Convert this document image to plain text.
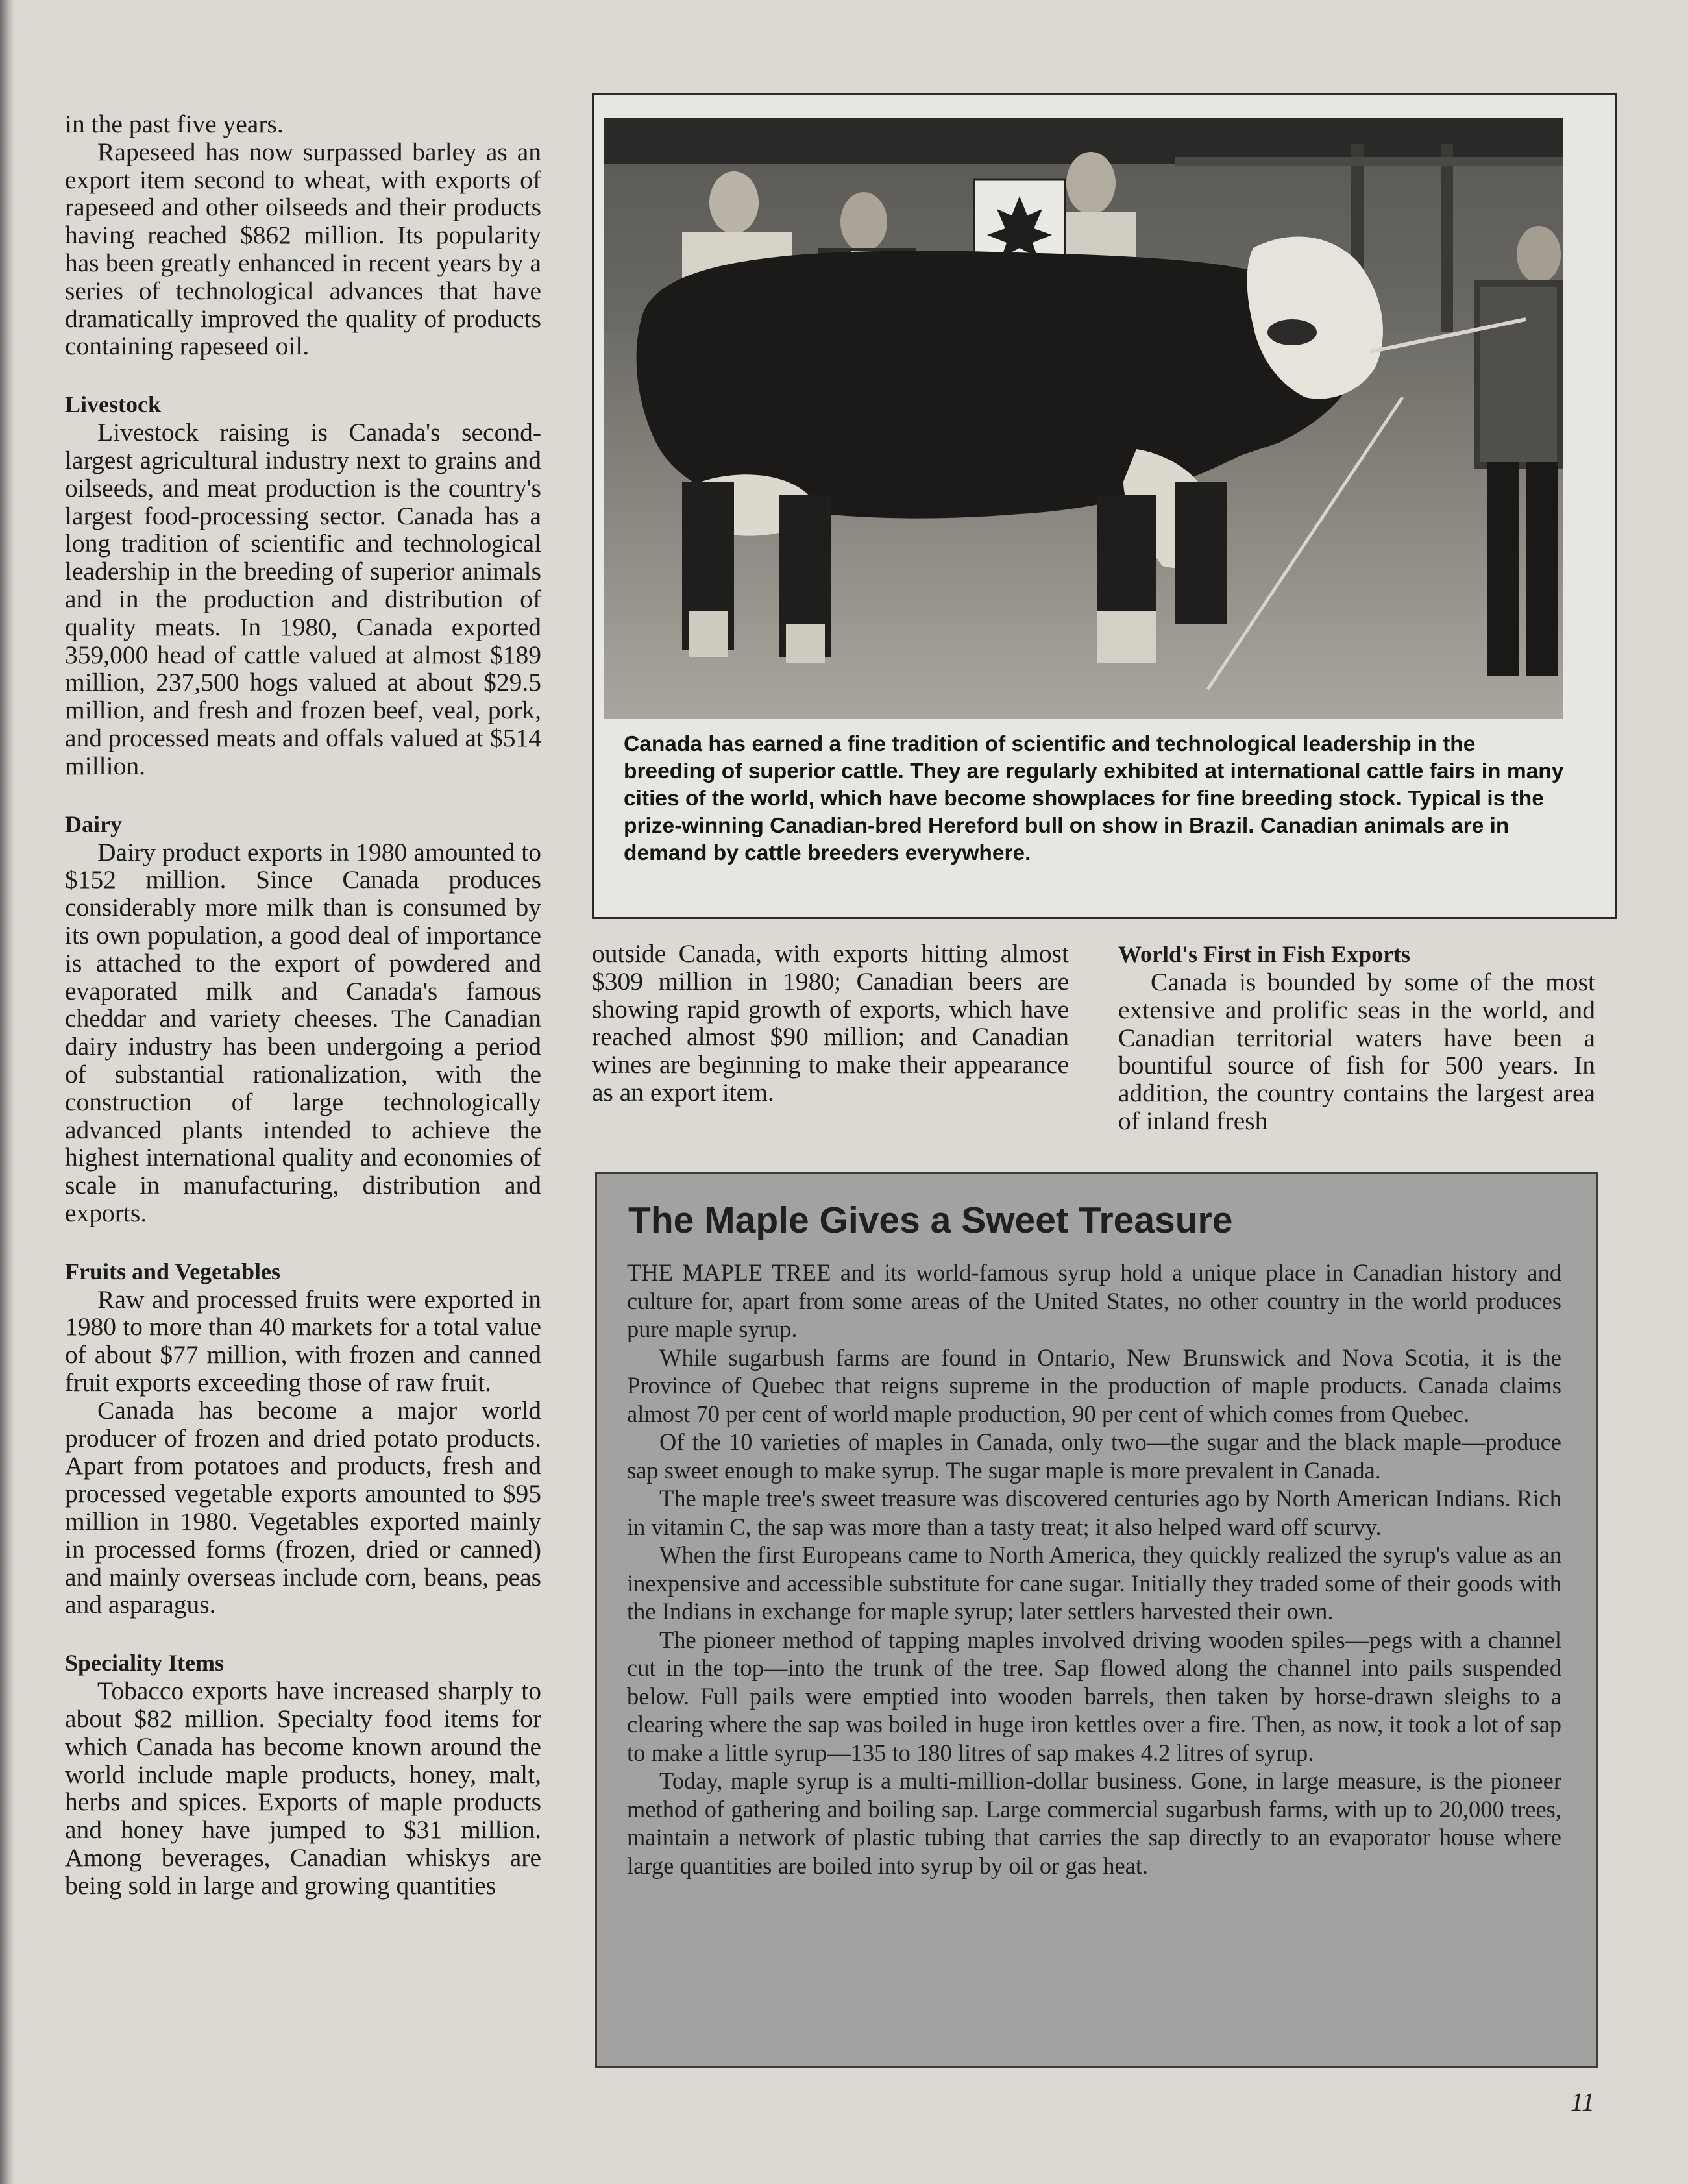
in the past five years.

Rapeseed has now surpassed barley as an export item second to wheat, with exports of rapeseed and other oilseeds and their products having reached $862 million. Its popularity has been greatly enhanced in recent years by a series of technological advances that have dramatically improved the quality of products containing rapeseed oil.

Livestock

Livestock raising is Canada's second-largest agricultural industry next to grains and oilseeds, and meat production is the country's largest food-processing sector. Canada has a long tradition of scientific and technological leadership in the breeding of superior animals and in the production and distribution of quality meats. In 1980, Canada exported 359,000 head of cattle valued at almost $189 million, 237,500 hogs valued at about $29.5 million, and fresh and frozen beef, veal, pork, and processed meats and offals valued at $514 million.

Dairy

Dairy product exports in 1980 amounted to $152 million. Since Canada produces considerably more milk than is consumed by its own population, a good deal of importance is attached to the export of powdered and evaporated milk and Canada's famous cheddar and variety cheeses. The Canadian dairy industry has been undergoing a period of substantial rationalization, with the construction of large technologically advanced plants intended to achieve the highest international quality and economies of scale in manufacturing, distribution and exports.

Fruits and Vegetables

Raw and processed fruits were exported in 1980 to more than 40 markets for a total value of about $77 million, with frozen and canned fruit exports exceeding those of raw fruit.

Canada has become a major world producer of frozen and dried potato products. Apart from potatoes and products, fresh and processed vegetable exports amounted to $95 million in 1980. Vegetables exported mainly in processed forms (frozen, dried or canned) and mainly overseas include corn, beans, peas and asparagus.

Speciality Items

Tobacco exports have increased sharply to about $82 million. Specialty food items for which Canada has become known around the world include maple products, honey, malt, herbs and spices. Exports of maple products and honey have jumped to $31 million. Among beverages, Canadian whiskys are being sold in large and growing quantities

Canada has earned a fine tradition of scientific and technological leadership in the breeding of superior cattle. They are regularly exhibited at international cattle fairs in many cities of the world, which have become showplaces for fine breeding stock. Typical is the prize-winning Canadian-bred Hereford bull on show in Brazil. Canadian animals are in demand by cattle breeders everywhere.

outside Canada, with exports hitting almost $309 million in 1980; Canadian beers are showing rapid growth of exports, which have reached almost $90 million; and Canadian wines are beginning to make their appearance as an export item.

World's First in Fish Exports

Canada is bounded by some of the most extensive and prolific seas in the world, and Canadian territorial waters have been a bountiful source of fish for 500 years. In addition, the country contains the largest area of inland fresh

The Maple Gives a Sweet Treasure

THE MAPLE TREE and its world-famous syrup hold a unique place in Canadian history and culture for, apart from some areas of the United States, no other country in the world produces pure maple syrup.

While sugarbush farms are found in Ontario, New Brunswick and Nova Scotia, it is the Province of Quebec that reigns supreme in the production of maple products. Canada claims almost 70 per cent of world maple production, 90 per cent of which comes from Quebec.

Of the 10 varieties of maples in Canada, only two—the sugar and the black maple—produce sap sweet enough to make syrup. The sugar maple is more prevalent in Canada.

The maple tree's sweet treasure was discovered centuries ago by North American Indians. Rich in vitamin C, the sap was more than a tasty treat; it also helped ward off scurvy.

When the first Europeans came to North America, they quickly realized the syrup's value as an inexpensive and accessible substitute for cane sugar. Initially they traded some of their goods with the Indians in exchange for maple syrup; later settlers harvested their own.

The pioneer method of tapping maples involved driving wooden spiles—pegs with a channel cut in the top—into the trunk of the tree. Sap flowed along the channel into pails suspended below. Full pails were emptied into wooden barrels, then taken by horse-drawn sleighs to a clearing where the sap was boiled in huge iron kettles over a fire. Then, as now, it took a lot of sap to make a little syrup—135 to 180 litres of sap makes 4.2 litres of syrup.

Today, maple syrup is a multi-million-dollar business. Gone, in large measure, is the pioneer method of gathering and boiling sap. Large commercial sugarbush farms, with up to 20,000 trees, maintain a network of plastic tubing that carries the sap directly to an evaporator house where large quantities are boiled into syrup by oil or gas heat.

11
